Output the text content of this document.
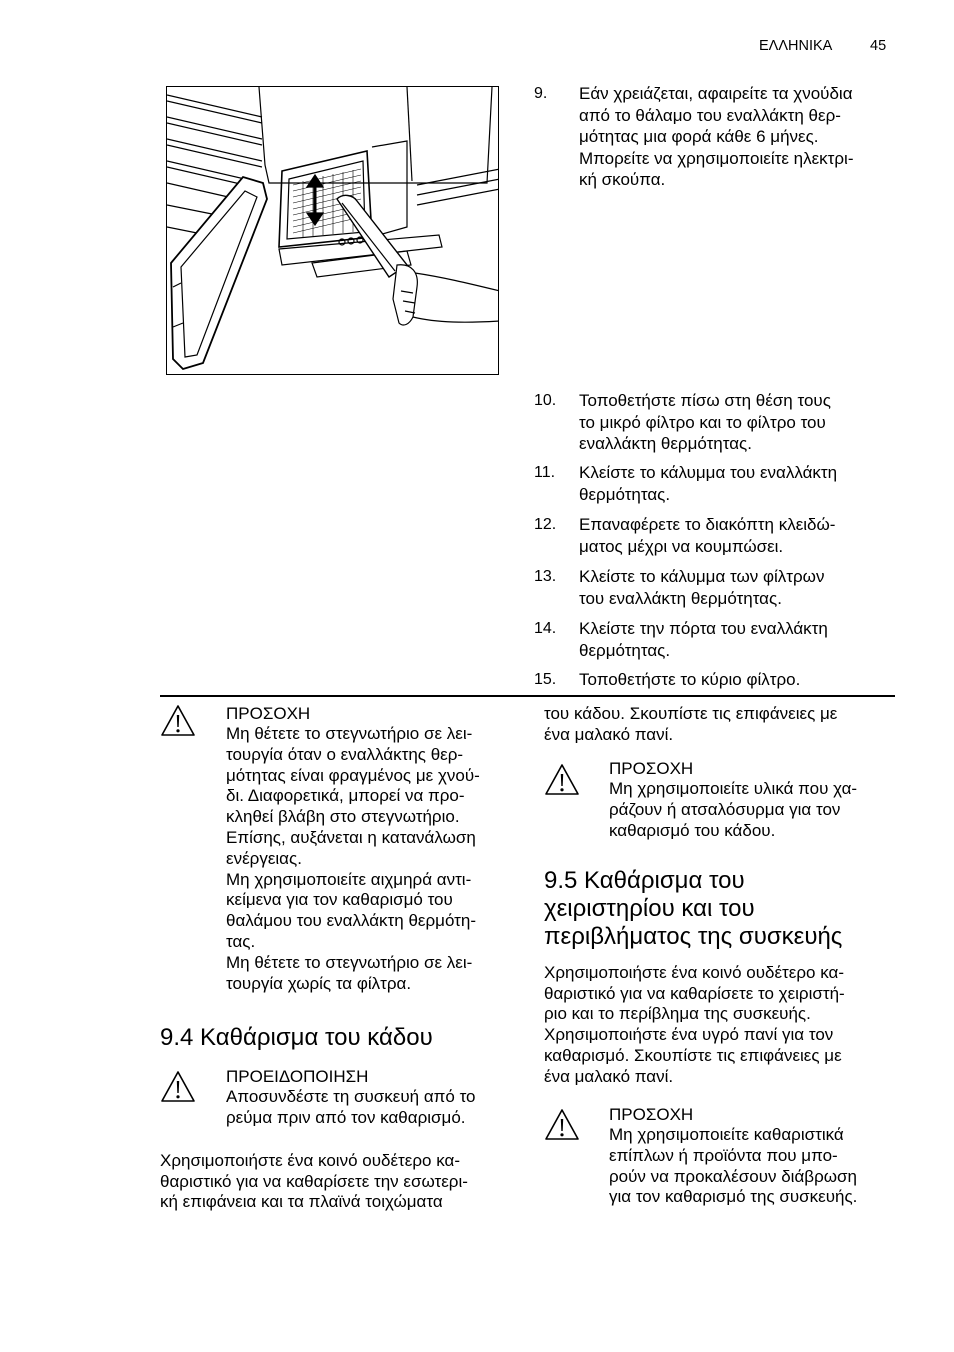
ΕΛΛΗΝΙΚΑ	45
9. Εάν χρειάζεται, αφαιρείτε τα χνούδια
από το θάλαμο του εναλλάκτη θερ-
μότητας μια φορά κάθε 6 μήνες.
Μπορείτε να χρησιμοποιείτε ηλεκτρι-
κή σκούπα.
10. Τοποθετήστε πίσω στη θέση τους
το μικρό φίλτρο και το φίλτρο του
εναλλάκτη θερμότητας.
11. Κλείστε το κάλυμμα του εναλλάκτη
θερμότητας.
12. Επαναφέρετε το διακόπτη κλειδώ-
ματος μέχρι να κουμπώσει.
13. Κλείστε το κάλυμμα των φίλτρων
του εναλλάκτη θερμότητας.
14. Κλείστε την πόρτα του εναλλάκτη
θερμότητας.
15. Τοποθετήστε το κύριο φίλτρο.
ΠΡΟΣΟΧΗ
Μη θέτετε το στεγνωτήριο σε λει-
τουργία όταν ο εναλλάκτης θερ-
μότητας είναι φραγμένος με χνού-
δι. Διαφορετικά, μπορεί να προ-
κληθεί βλάβη στο στεγνωτήριο.
Επίσης, αυξάνεται η κατανάλωση
ενέργειας.
Μη χρησιμοποιείτε αιχμηρά αντι-
κείμενα για τον καθαρισμό του
θαλάμου του εναλλάκτη θερμότη-
τας.
Μη θέτετε το στεγνωτήριο σε λει-
τουργία χωρίς τα φίλτρα.
9.4 Καθάρισμα του κάδου
ΠΡΟΕΙΔΟΠΟΙΗΣΗ
Αποσυνδέστε τη συσκευή από το
ρεύμα πριν από τον καθαρισμό.
Χρησιμοποιήστε ένα κοινό ουδέτερο κα-
θαριστικό για να καθαρίσετε την εσωτερι-
κή επιφάνεια και τα πλαϊνά τοιχώματα
του κάδου. Σκουπίστε τις επιφάνειες με
ένα μαλακό πανί.
ΠΡΟΣΟΧΗ
Μη χρησιμοποιείτε υλικά που χα-
ράζουν ή ατσαλόσυρμα για τον
καθαρισμό του κάδου.
9.5 Καθάρισμα του
χειριστηρίου και του
περιβλήματος της συσκευής
Χρησιμοποιήστε ένα κοινό ουδέτερο κα-
θαριστικό για να καθαρίσετε το χειριστή-
ριο και το περίβλημα της συσκευής.
Χρησιμοποιήστε ένα υγρό πανί για τον
καθαρισμό. Σκουπίστε τις επιφάνειες με
ένα μαλακό πανί.
ΠΡΟΣΟΧΗ
Μη χρησιμοποιείτε καθαριστικά
επίπλων ή προϊόντα που μπο-
ρούν να προκαλέσουν διάβρωση
για τον καθαρισμό της συσκευής.
